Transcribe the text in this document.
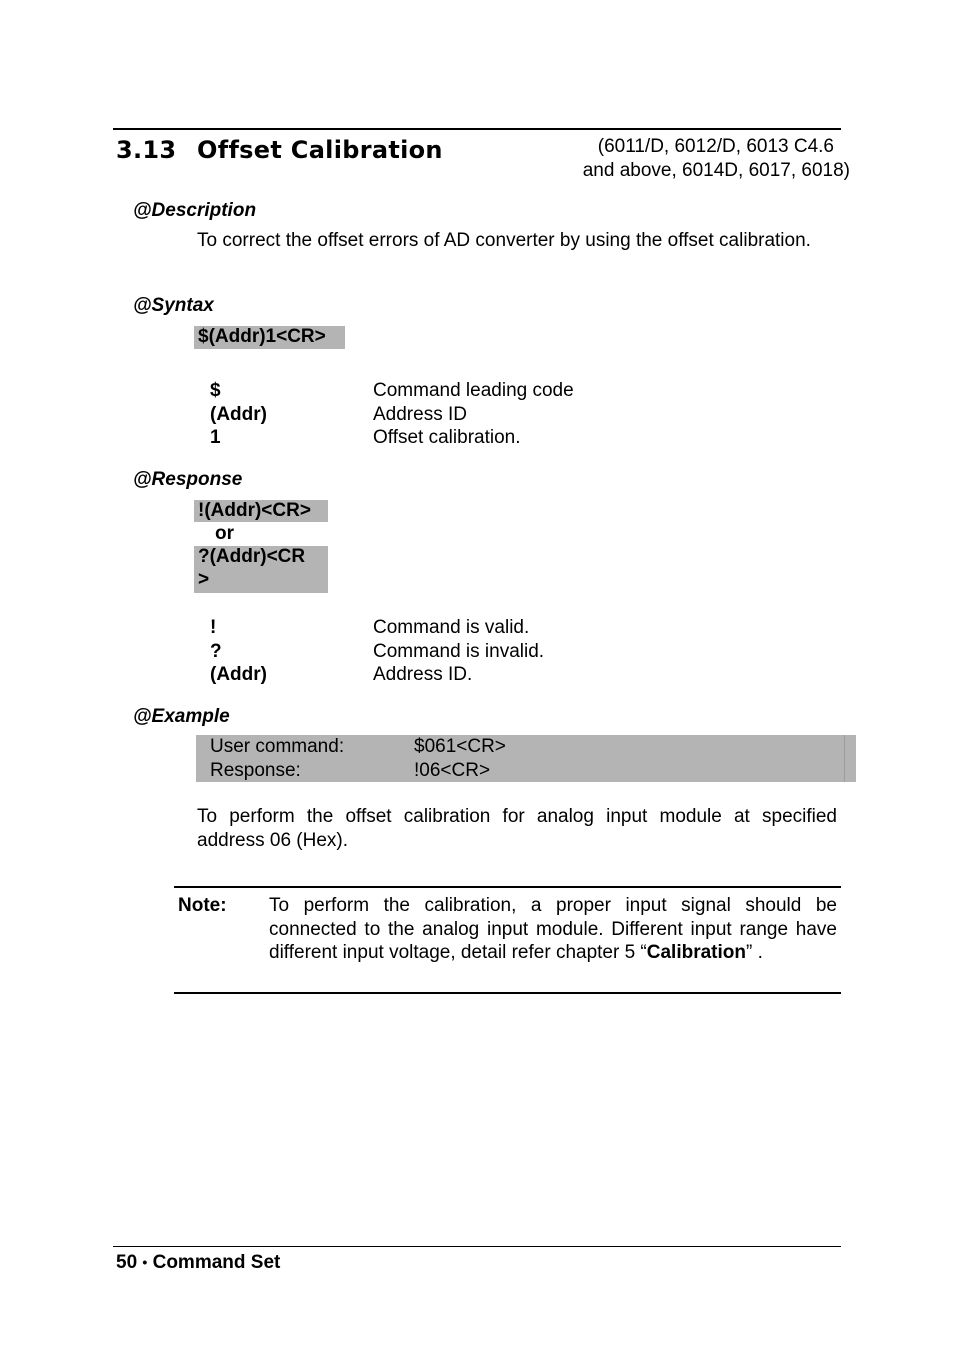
3.13 Offset Calibration	(6011/D, 6012/D, 6013 C4.6
and above, 6014D, 6017, 6018)
@Description
To correct the offset errors of AD converter by using the offset calibration.
@Syntax
$(Addr)1<CR>
$	Command leading code
(Addr)	Address ID
1	Offset calibration.
@Response
!(Addr)<CR>
or
?(Addr)<CR
>
!	Command is valid.
?	Command is invalid.
(Addr)	Address ID.
@Example
User command:	$061<CR>
Response:	!06<CR>
To perform the offset calibration for analog input module at specified address 06 (Hex).
Note: To perform the calibration, a proper input signal should be connected to the analog input module. Different input range have different input voltage, detail refer chapter 5 “Calibration” .
50 • Command Set
